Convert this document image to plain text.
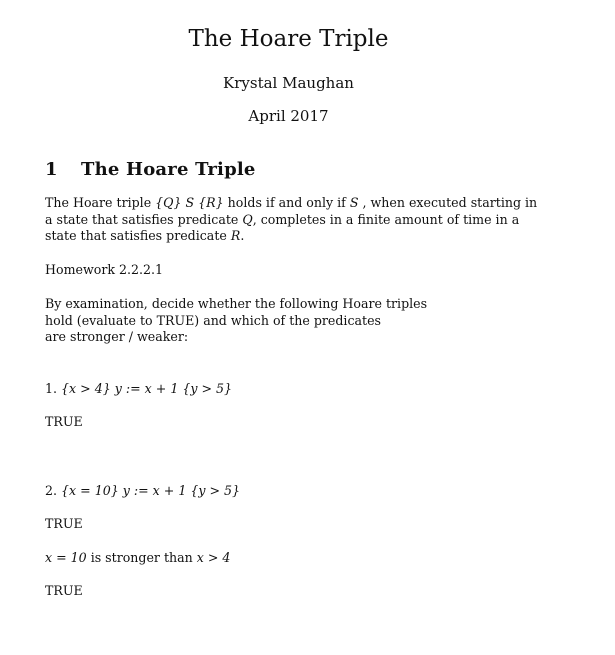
The Hoare Triple
Krystal Maughan
April 2017
1 The Hoare Triple
The Hoare triple {Q} S {R} holds if and only if S , when executed starting in a state that satisfies predicate Q, completes in a finite amount of time in a state that satisfies predicate R.
Homework 2.2.2.1
By examination, decide whether the following Hoare triples
hold (evaluate to TRUE) and which of the predicates
are stronger / weaker:
1. {x > 4} y := x + 1 {y > 5}
TRUE
2. {x = 10} y := x + 1 {y > 5}
TRUE
x = 10 is stronger than x > 4
TRUE
